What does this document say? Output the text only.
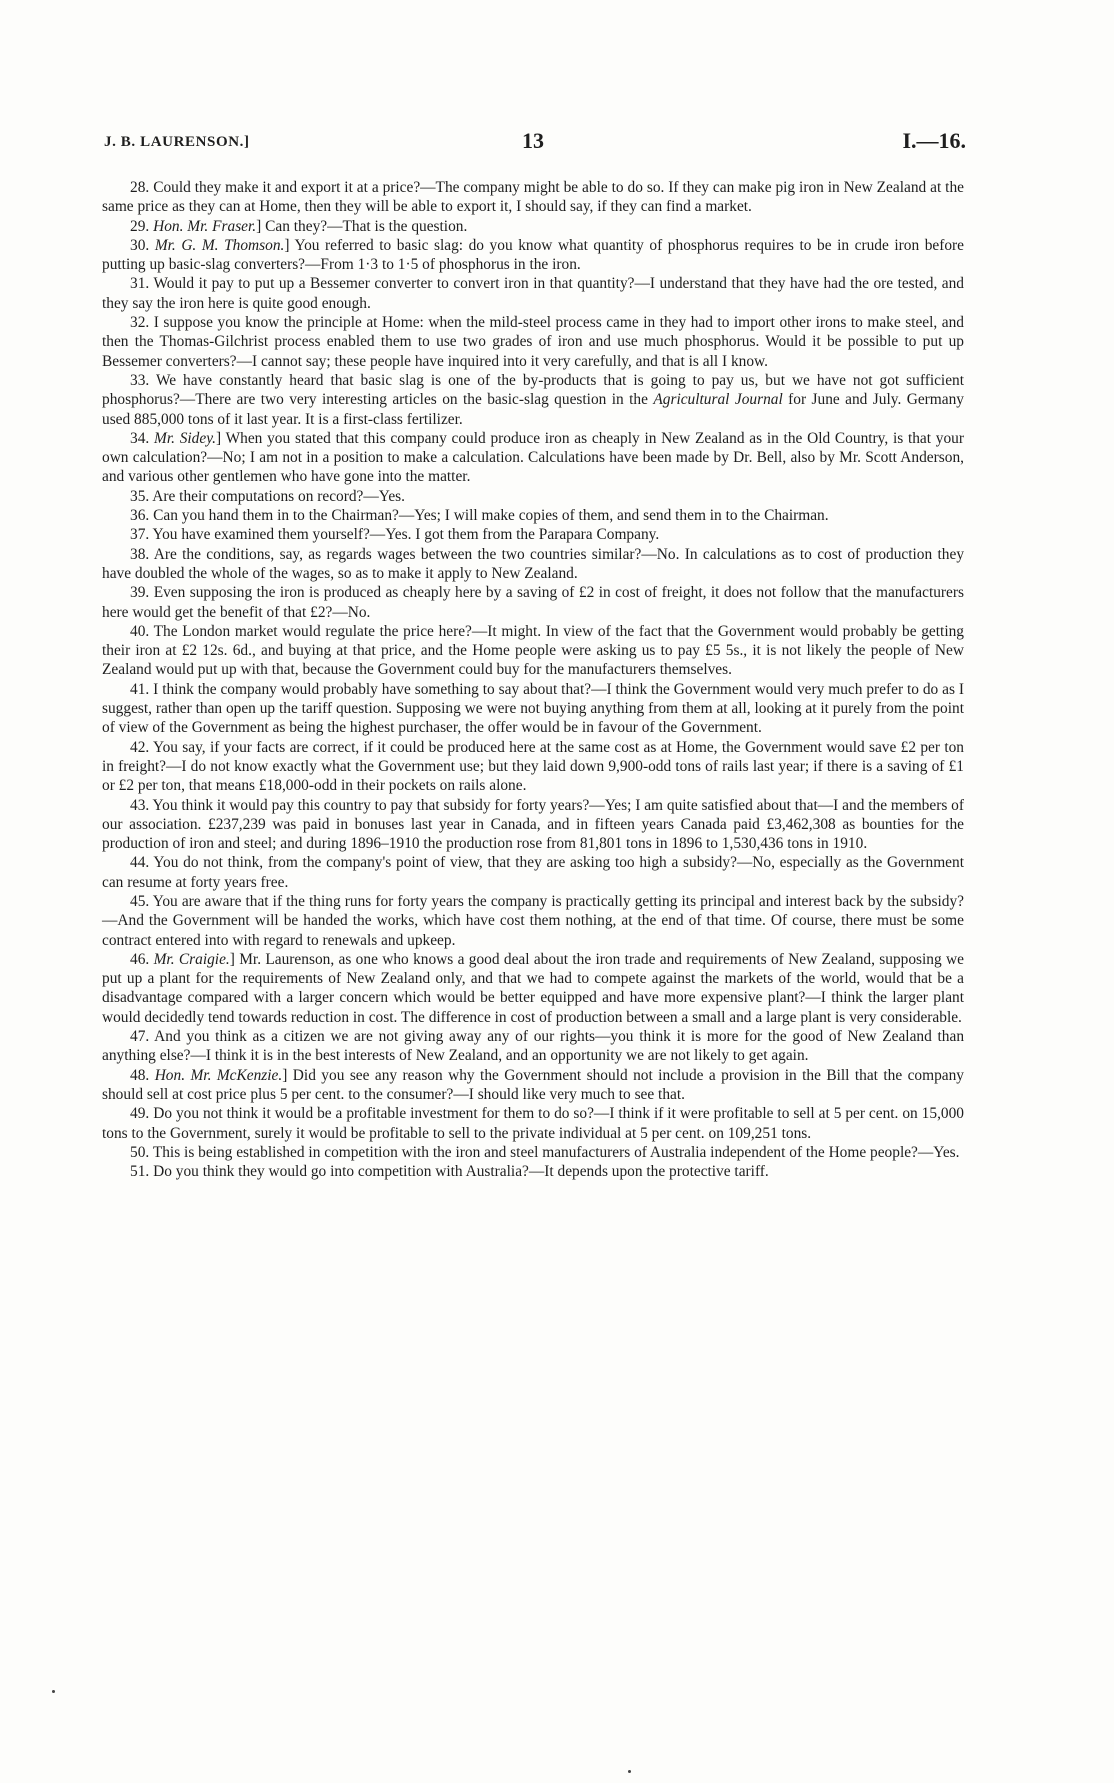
J. B. LAURENSON.]	13	I.—16.

28. Could they make it and export it at a price?—The company might be able to do so. If they can make pig iron in New Zealand at the same price as they can at Home, then they will be able to export it, I should say, if they can find a market.

29. Hon. Mr. Fraser.] Can they?—That is the question.

30. Mr. G. M. Thomson.] You referred to basic slag: do you know what quantity of phosphorus requires to be in crude iron before putting up basic-slag converters?—From 1·3 to 1·5 of phosphorus in the iron.

31. Would it pay to put up a Bessemer converter to convert iron in that quantity?—I understand that they have had the ore tested, and they say the iron here is quite good enough.

32. I suppose you know the principle at Home: when the mild-steel process came in they had to import other irons to make steel, and then the Thomas-Gilchrist process enabled them to use two grades of iron and use much phosphorus. Would it be possible to put up Bessemer converters?—I cannot say; these people have inquired into it very carefully, and that is all I know.

33. We have constantly heard that basic slag is one of the by-products that is going to pay us, but we have not got sufficient phosphorus?—There are two very interesting articles on the basic-slag question in the Agricultural Journal for June and July. Germany used 885,000 tons of it last year. It is a first-class fertilizer.

34. Mr. Sidey.] When you stated that this company could produce iron as cheaply in New Zealand as in the Old Country, is that your own calculation?—No; I am not in a position to make a calculation. Calculations have been made by Dr. Bell, also by Mr. Scott Anderson, and various other gentlemen who have gone into the matter.

35. Are their computations on record?—Yes.

36. Can you hand them in to the Chairman?—Yes; I will make copies of them, and send them in to the Chairman.

37. You have examined them yourself?—Yes. I got them from the Parapara Company.

38. Are the conditions, say, as regards wages between the two countries similar?—No. In calculations as to cost of production they have doubled the whole of the wages, so as to make it apply to New Zealand.

39. Even supposing the iron is produced as cheaply here by a saving of £2 in cost of freight, it does not follow that the manufacturers here would get the benefit of that £2?—No.

40. The London market would regulate the price here?—It might. In view of the fact that the Government would probably be getting their iron at £2 12s. 6d., and buying at that price, and the Home people were asking us to pay £5 5s., it is not likely the people of New Zealand would put up with that, because the Government could buy for the manufacturers themselves.

41. I think the company would probably have something to say about that?—I think the Government would very much prefer to do as I suggest, rather than open up the tariff question. Supposing we were not buying anything from them at all, looking at it purely from the point of view of the Government as being the highest purchaser, the offer would be in favour of the Government.

42. You say, if your facts are correct, if it could be produced here at the same cost as at Home, the Government would save £2 per ton in freight?—I do not know exactly what the Government use; but they laid down 9,900-odd tons of rails last year; if there is a saving of £1 or £2 per ton, that means £18,000-odd in their pockets on rails alone.

43. You think it would pay this country to pay that subsidy for forty years?—Yes; I am quite satisfied about that—I and the members of our association. £237,239 was paid in bonuses last year in Canada, and in fifteen years Canada paid £3,462,308 as bounties for the production of iron and steel; and during 1896–1910 the production rose from 81,801 tons in 1896 to 1,530,436 tons in 1910.

44. You do not think, from the company's point of view, that they are asking too high a subsidy?—No, especially as the Government can resume at forty years free.

45. You are aware that if the thing runs for forty years the company is practically getting its principal and interest back by the subsidy?—And the Government will be handed the works, which have cost them nothing, at the end of that time. Of course, there must be some contract entered into with regard to renewals and upkeep.

46. Mr. Craigie.] Mr. Laurenson, as one who knows a good deal about the iron trade and requirements of New Zealand, supposing we put up a plant for the requirements of New Zealand only, and that we had to compete against the markets of the world, would that be a disadvantage compared with a larger concern which would be better equipped and have more expensive plant?—I think the larger plant would decidedly tend towards reduction in cost. The difference in cost of production between a small and a large plant is very considerable.

47. And you think as a citizen we are not giving away any of our rights—you think it is more for the good of New Zealand than anything else?—I think it is in the best interests of New Zealand, and an opportunity we are not likely to get again.

48. Hon. Mr. McKenzie.] Did you see any reason why the Government should not include a provision in the Bill that the company should sell at cost price plus 5 per cent. to the consumer?—I should like very much to see that.

49. Do you not think it would be a profitable investment for them to do so?—I think if it were profitable to sell at 5 per cent. on 15,000 tons to the Government, surely it would be profitable to sell to the private individual at 5 per cent. on 109,251 tons.

50. This is being established in competition with the iron and steel manufacturers of Australia independent of the Home people?—Yes.

51. Do you think they would go into competition with Australia?—It depends upon the protective tariff.
